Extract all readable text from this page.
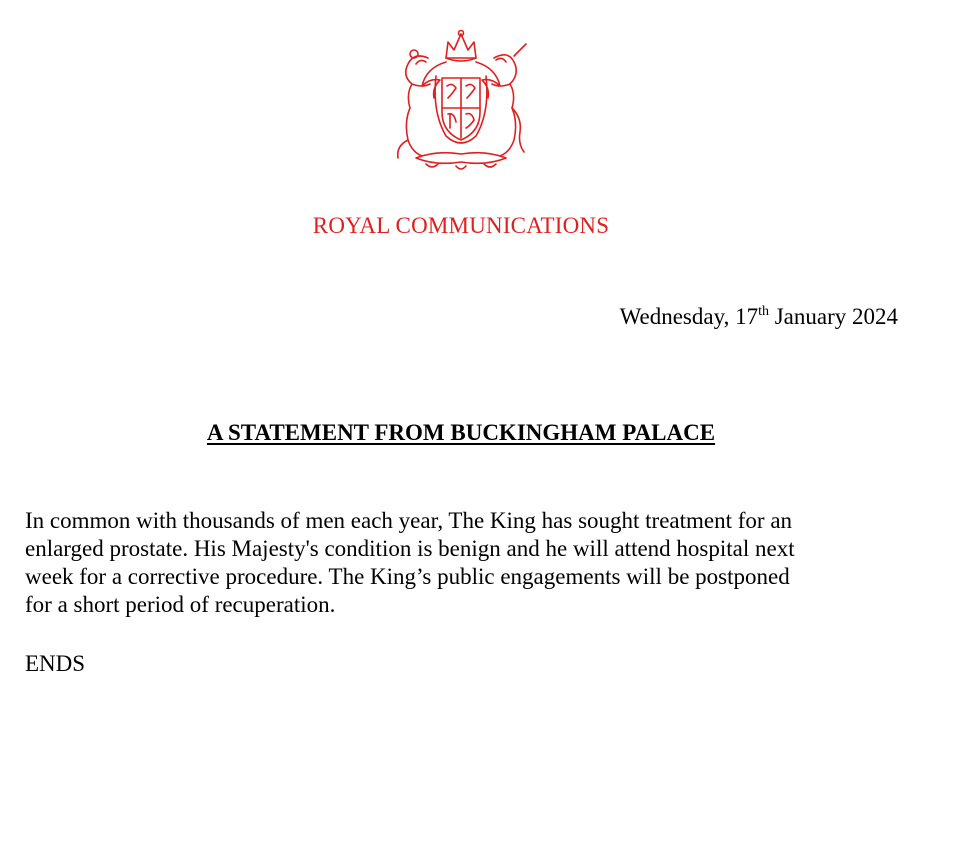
ROYAL COMMUNICATIONS
Wednesday, 17th January 2024
A STATEMENT FROM BUCKINGHAM PALACE

In common with thousands of men each year, The King has sought treatment for an
enlarged prostate. His Majesty's condition is benign and he will attend hospital next
week for a corrective procedure. The King’s public engagements will be postponed
for a short period of recuperation.

ENDS
